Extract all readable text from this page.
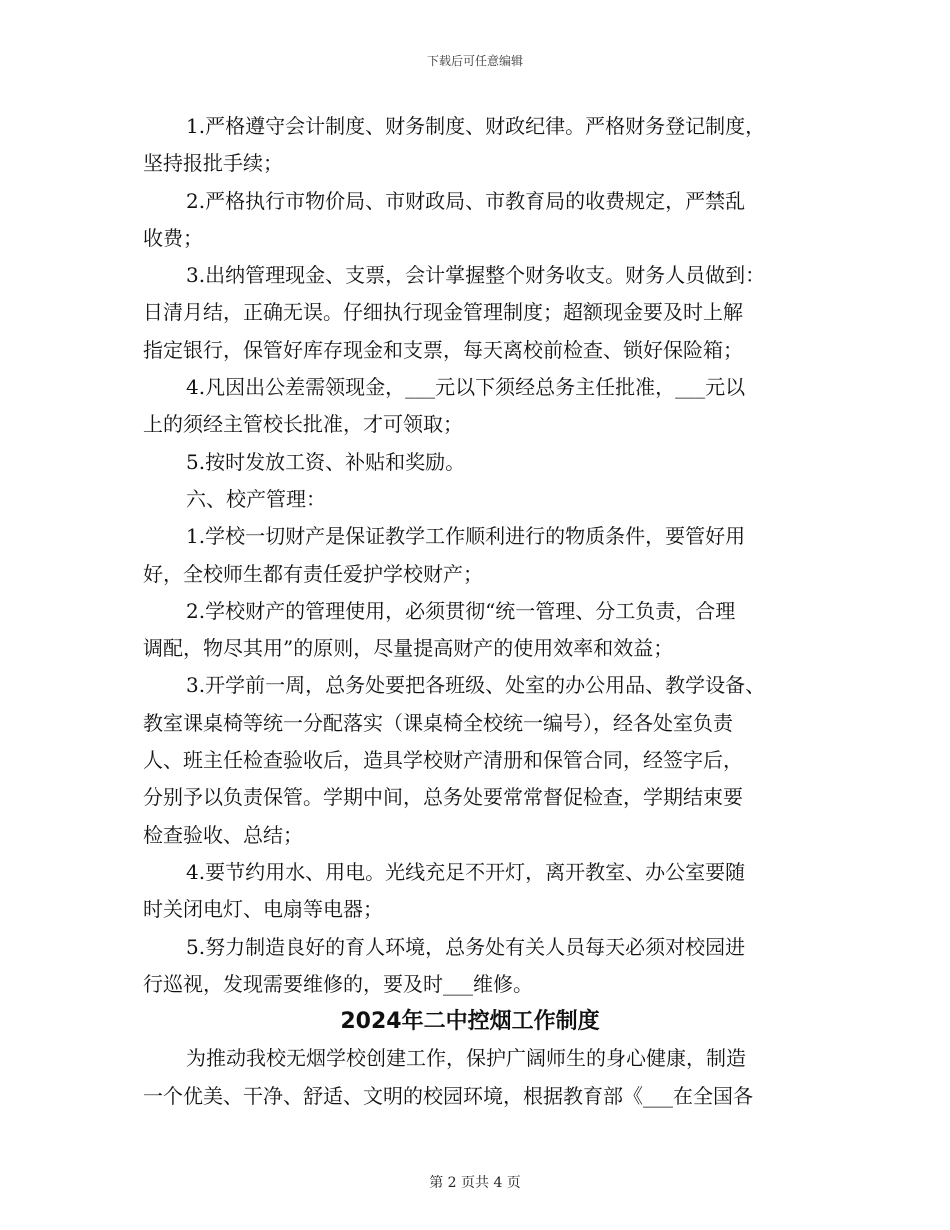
下载后可任意编辑
1.严格遵守会计制度、财务制度、财政纪律。严格财务登记制度，
坚持报批手续；
2.严格执行市物价局、市财政局、市教育局的收费规定，严禁乱
收费；
3.出纳管理现金、支票，会计掌握整个财务收支。财务人员做到：
日清月结，正确无误。仔细执行现金管理制度；超额现金要及时上解
指定银行，保管好库存现金和支票，每天离校前检查、锁好保险箱；
4.凡因出公差需领现金，___元以下须经总务主任批准，___元以
上的须经主管校长批准，才可领取；
5.按时发放工资、补贴和奖励。
六、校产管理：
1.学校一切财产是保证教学工作顺利进行的物质条件，要管好用
好，全校师生都有责任爱护学校财产；
2.学校财产的管理使用，必须贯彻“统一管理、分工负责，合理
调配，物尽其用”的原则，尽量提高财产的使用效率和效益；
3.开学前一周，总务处要把各班级、处室的办公用品、教学设备、
教室课桌椅等统一分配落实（课桌椅全校统一编号），经各处室负责
人、班主任检查验收后，造具学校财产清册和保管合同，经签字后，
分别予以负责保管。学期中间，总务处要常常督促检查，学期结束要
检查验收、总结；
4.要节约用水、用电。光线充足不开灯，离开教室、办公室要随
时关闭电灯、电扇等电器；
5.努力制造良好的育人环境，总务处有关人员每天必须对校园进
行巡视，发现需要维修的，要及时___维修。
2024年二中控烟工作制度
为推动我校无烟学校创建工作，保护广阔师生的身心健康，制造
一个优美、干净、舒适、文明的校园环境，根据教育部《___在全国各
第 2 页共 4 页
